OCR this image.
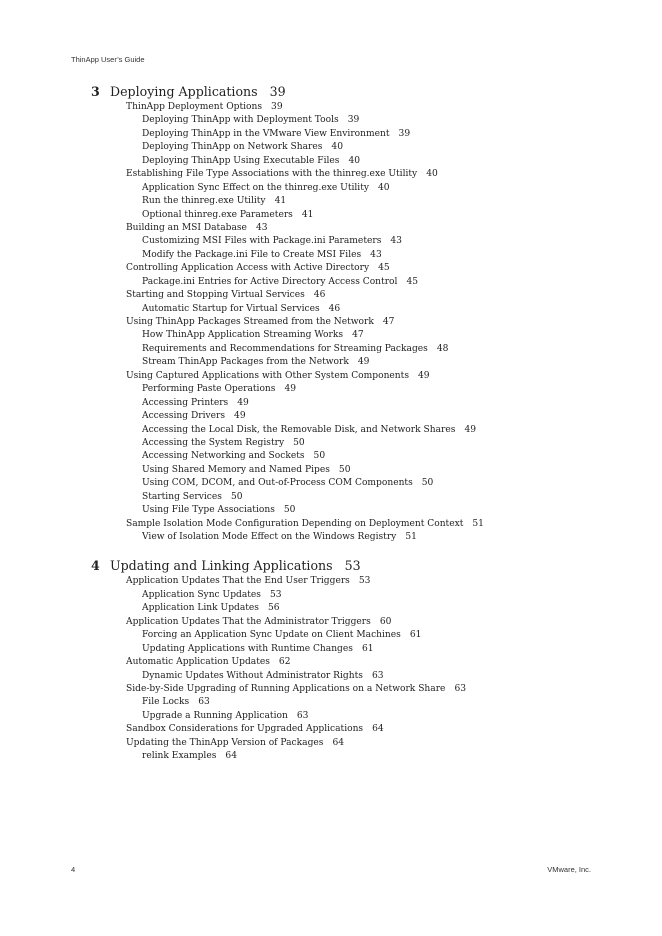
ThinApp User’s Guide
3 Deploying Applications 39
ThinApp Deployment Options 39
Deploying ThinApp with Deployment Tools 39
Deploying ThinApp in the VMware View Environment 39
Deploying ThinApp on Network Shares 40
Deploying ThinApp Using Executable Files 40
Establishing File Type Associations with the thinreg.exe Utility 40
Application Sync Effect on the thinreg.exe Utility 40
Run the thinreg.exe Utility 41
Optional thinreg.exe Parameters 41
Building an MSI Database 43
Customizing MSI Files with Package.ini Parameters 43
Modify the Package.ini File to Create MSI Files 43
Controlling Application Access with Active Directory 45
Package.ini Entries for Active Directory Access Control 45
Starting and Stopping Virtual Services 46
Automatic Startup for Virtual Services 46
Using ThinApp Packages Streamed from the Network 47
How ThinApp Application Streaming Works 47
Requirements and Recommendations for Streaming Packages 48
Stream ThinApp Packages from the Network 49
Using Captured Applications with Other System Components 49
Performing Paste Operations 49
Accessing Printers 49
Accessing Drivers 49
Accessing the Local Disk, the Removable Disk, and Network Shares 49
Accessing the System Registry 50
Accessing Networking and Sockets 50
Using Shared Memory and Named Pipes 50
Using COM, DCOM, and Out-of-Process COM Components 50
Starting Services 50
Using File Type Associations 50
Sample Isolation Mode Configuration Depending on Deployment Context 51
View of Isolation Mode Effect on the Windows Registry 51
4 Updating and Linking Applications 53
Application Updates That the End User Triggers 53
Application Sync Updates 53
Application Link Updates 56
Application Updates That the Administrator Triggers 60
Forcing an Application Sync Update on Client Machines 61
Updating Applications with Runtime Changes 61
Automatic Application Updates 62
Dynamic Updates Without Administrator Rights 63
Side-by-Side Upgrading of Running Applications on a Network Share 63
File Locks 63
Upgrade a Running Application 63
Sandbox Considerations for Upgraded Applications 64
Updating the ThinApp Version of Packages 64
relink Examples 64
4	VMware, Inc.
